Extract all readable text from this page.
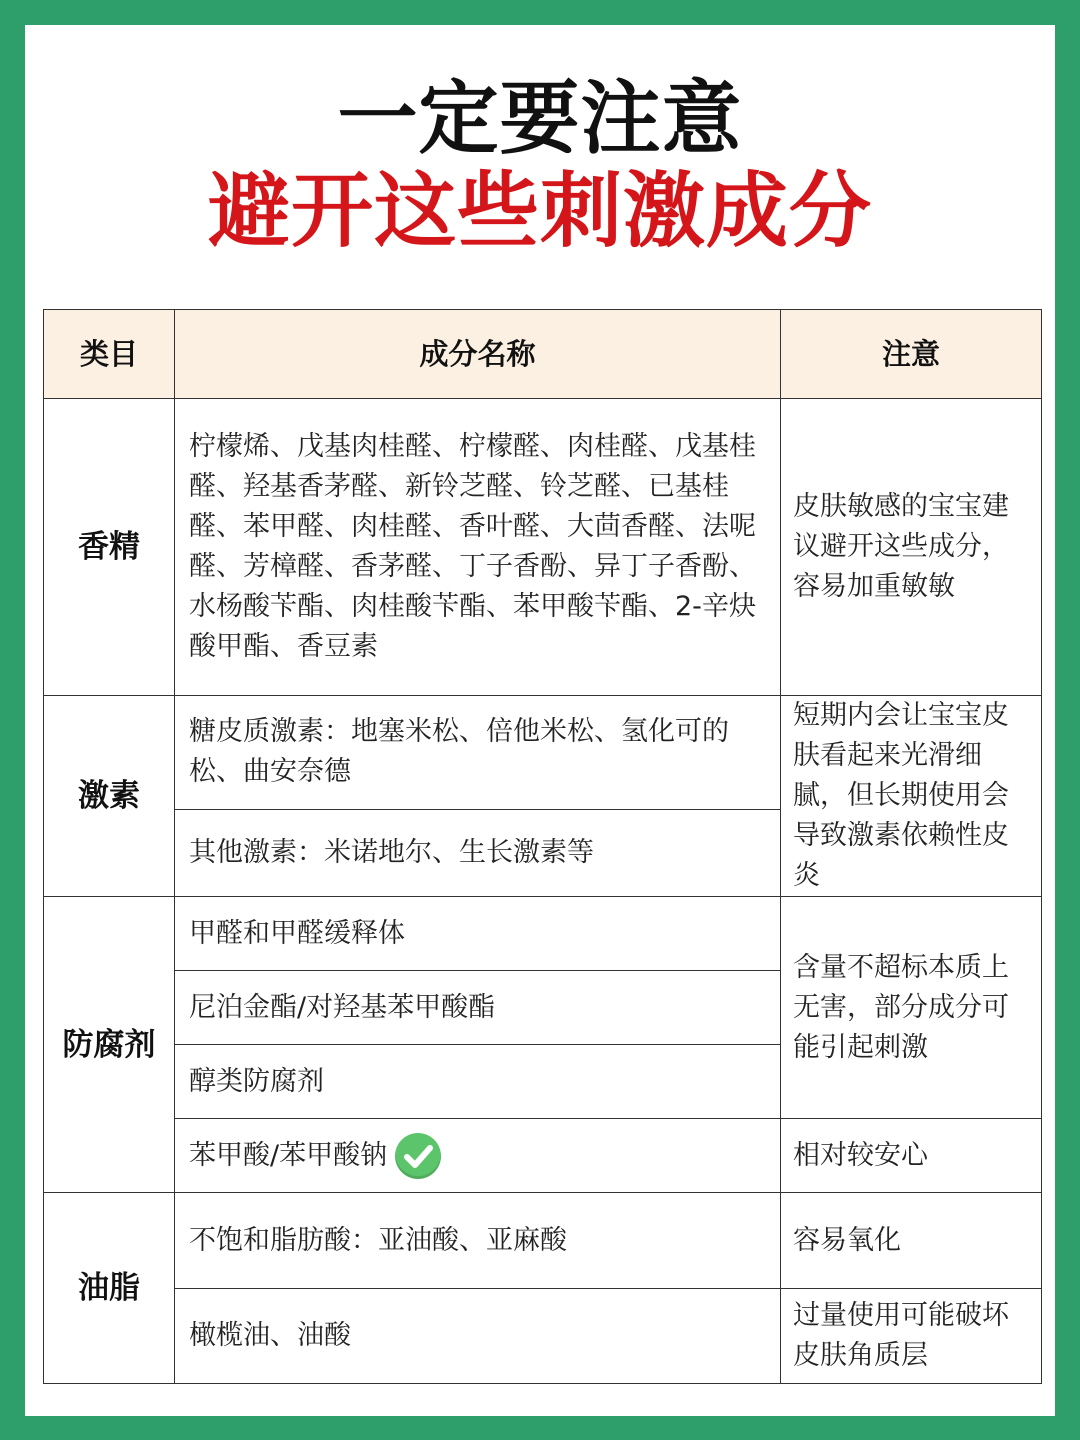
一定要注意
避开这些刺激成分
类目	成分名称	注意
香精	柠檬烯、戊基肉桂醛、柠檬醛、肉桂醛、戊基桂醛、羟基香茅醛、新铃芝醛、铃芝醛、已基桂醛、苯甲醛、肉桂醛、香叶醛、大茴香醛、法呢醛、芳樟醛、香茅醛、丁子香酚、异丁子香酚、水杨酸苄酯、肉桂酸苄酯、苯甲酸苄酯、2-辛炔酸甲酯、香豆素	皮肤敏感的宝宝建议避开这些成分，容易加重敏敏
激素	糖皮质激素：地塞米松、倍他米松、氢化可的松、曲安奈德	短期内会让宝宝皮肤看起来光滑细腻，但长期使用会导致激素依赖性皮炎
	其他激素：米诺地尔、生长激素等	
防腐剂	甲醛和甲醛缓释体	含量不超标本质上无害，部分成分可能引起刺激
	尼泊金酯/对羟基苯甲酸酯	
	醇类防腐剂	

	苯甲酸/苯甲酸钠	相对较安心
油脂	不饱和脂肪酸：亚油酸、亚麻酸	容易氧化
	橄榄油、油酸	过量使用可能破坏皮肤角质层
